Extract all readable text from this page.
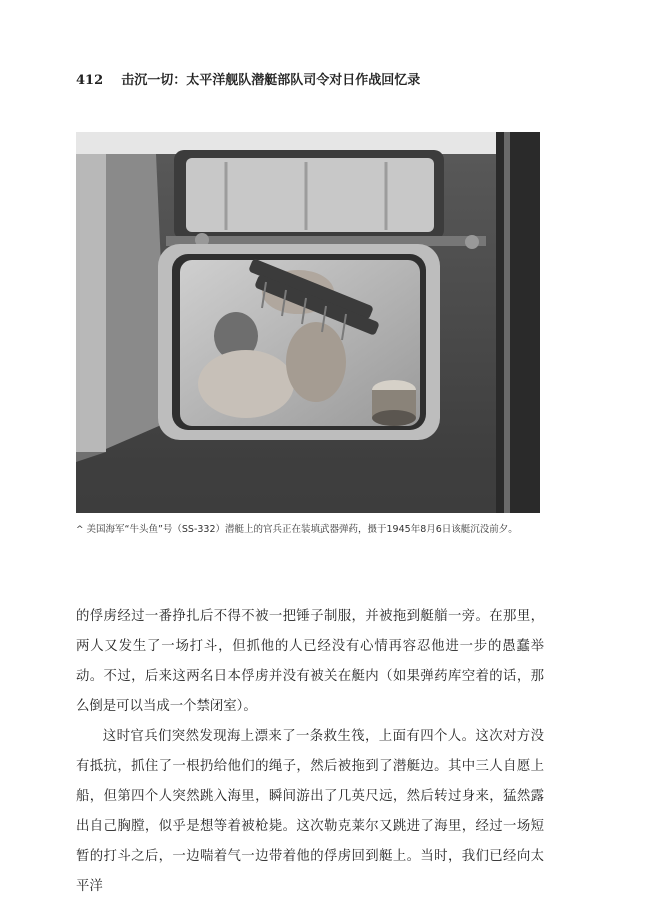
412 击沉一切：太平洋舰队潜艇部队司令对日作战回忆录
^ 美国海军“牛头鱼”号（SS-332）潜艇上的官兵正在装填武器弹药，摄于1945年8月6日该艇沉没前夕。

的俘虏经过一番挣扎后不得不被一把锤子制服，并被拖到艇艏一旁。在那里，两人又发生了一场打斗，但抓他的人已经没有心情再容忍他进一步的愚蠢举动。不过，后来这两名日本俘虏并没有被关在艇内（如果弹药库空着的话，那么倒是可以当成一个禁闭室）。

这时官兵们突然发现海上漂来了一条救生筏，上面有四个人。这次对方没有抵抗，抓住了一根扔给他们的绳子，然后被拖到了潜艇边。其中三人自愿上船，但第四个人突然跳入海里，瞬间游出了几英尺远，然后转过身来，猛然露出自己胸膛，似乎是想等着被枪毙。这次勒克莱尔又跳进了海里，经过一场短暂的打斗之后，一边喘着气一边带着他的俘虏回到艇上。当时，我们已经向太平洋
